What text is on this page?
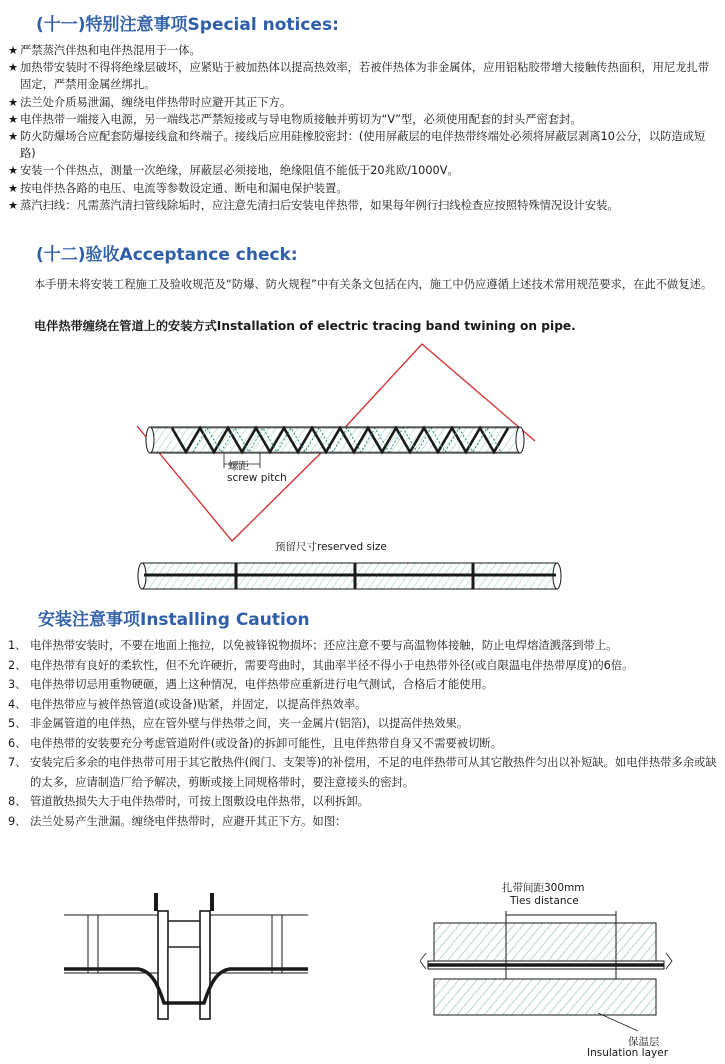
(十一)特别注意事项Special notices:
★ 严禁蒸汽伴热和电伴热混用于一体。
★ 加热带安装时不得将绝缘层破坏，应紧贴于被加热体以提高热效率，若被伴热体为非金属体，应用铝粘胶带增大接触传热面积，用尼龙扎带固定，严禁用金属丝绑扎。
★ 法兰处介质易泄漏，缠绕电伴热带时应避开其正下方。
★ 电伴热带一端接入电源，另一端线芯严禁短接或与导电物质接触并剪切为“V”型，必须使用配套的封头严密套封。
★ 防火防爆场合应配套防爆接线盒和终端子。接线后应用硅橡胶密封：(使用屏蔽层的电伴热带终端处必须将屏蔽层剥离10公分，以防造成短路)
★ 安装一个伴热点，测量一次绝缘，屏蔽层必须接地，绝缘阻值不能低于20兆欧/1000V。
★ 按电伴热各路的电压、电流等参数设定通、断电和漏电保护装置。
★ 蒸汽扫线：凡需蒸汽清扫管线除垢时，应注意先清扫后安装电伴热带，如果每年例行扫线检查应按照特殊情况设计安装。
(十二)验收Acceptance check:
本手册未将安装工程施工及验收规范及“防爆、防火规程”中有关条文包括在内，施工中仍应遵循上述技术常用规范要求，在此不做复述。
电伴热带缠绕在管道上的安装方式Installation of electric tracing band twining on pipe.
螺距
screw pitch
预留尺寸reserved size
安装注意事项Installing Caution
1、 电伴热带安装时，不要在地面上拖拉，以免被锋锐物损坏；还应注意不要与高温物体接触，防止电焊熔渣溅落到带上。
2、 电伴热带有良好的柔软性，但不允许硬折，需要弯曲时，其曲率半径不得小于电热带外径(或自限温电伴热带厚度)的6倍。
3、 电伴热带切忌用重物硬砸，遇上这种情况，电伴热带应重新进行电气测试，合格后才能使用。
4、 电伴热带应与被伴热管道(或设备)贴紧，并固定，以提高伴热效率。
5、 非金属管道的电伴热，应在管外壁与伴热带之间，夹一金属片(铝箔)，以提高伴热效果。
6、 电伴热带的安装要充分考虑管道附件(或设备)的拆卸可能性，且电伴热带自身又不需要被切断。
7、 安装完后多余的电伴热带可用于其它散热件(阀门、支架等)的补偿用，不足的电伴热带可从其它散热件匀出以补短缺。如电伴热带多余或缺的太多，应请制造厂给予解决，剪断或接上同规格带时，要注意接头的密封。
8、 管道散热损失大于电伴热带时，可按上图敷设电伴热带，以利拆卸。
9、 法兰处易产生泄漏。缠绕电伴热带时，应避开其正下方。如图：
扎带间距300mm
Ties distance
保温层
Insulation layer
